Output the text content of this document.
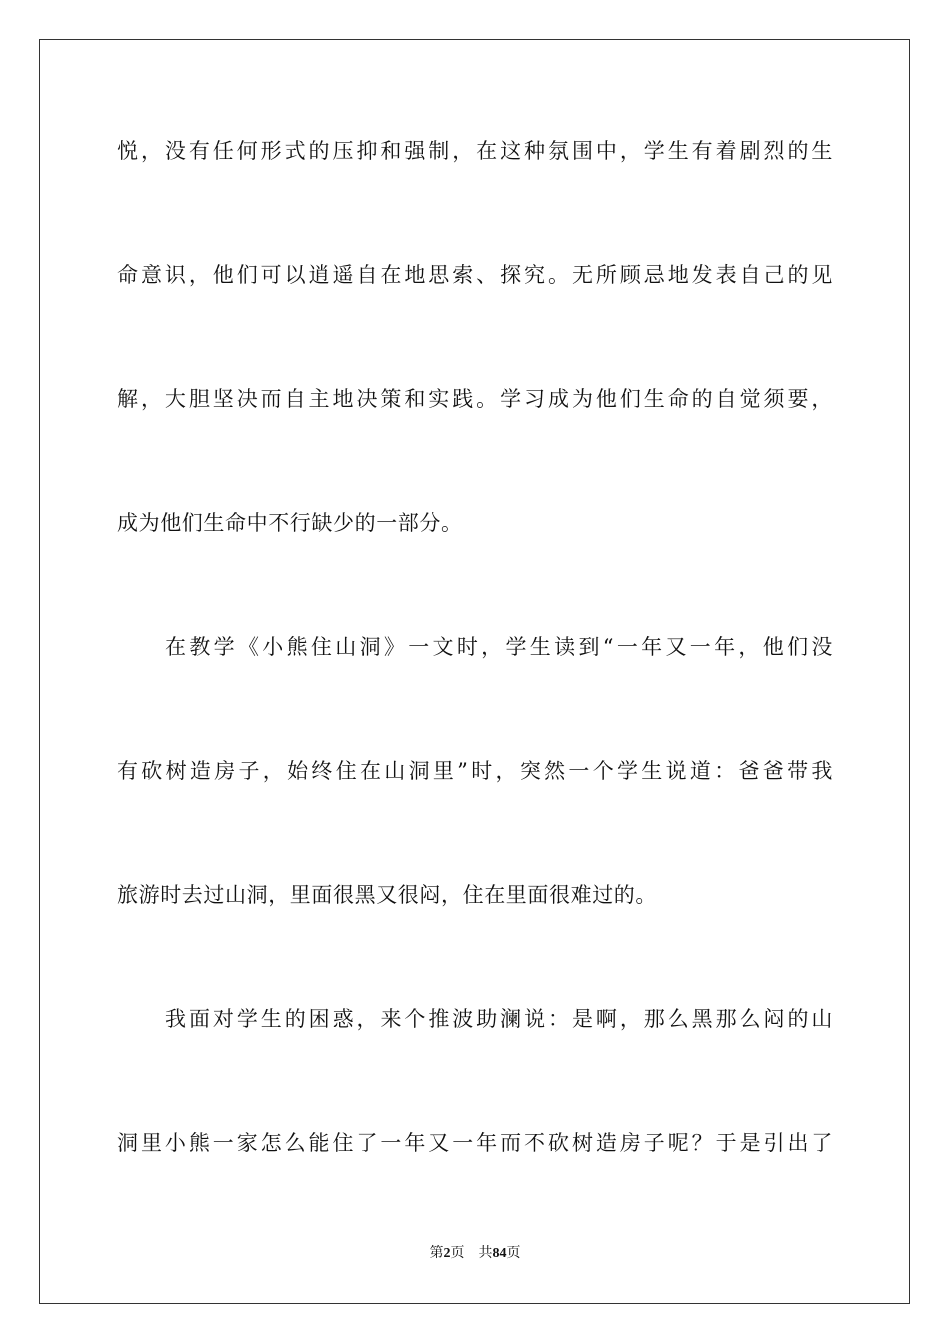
悦，没有任何形式的压抑和强制，在这种氛围中，学生有着剧烈的生
命意识，他们可以逍遥自在地思索、探究。无所顾忌地发表自己的见
解，大胆坚决而自主地决策和实践。学习成为他们生命的自觉须要，
成为他们生命中不行缺少的一部分。
在教学《小熊住山洞》一文时，学生读到“一年又一年，他们没
有砍树造房子，始终住在山洞里”时，突然一个学生说道：爸爸带我
旅游时去过山洞，里面很黑又很闷，住在里面很难过的。
我面对学生的困惑，来个推波助澜说：是啊，那么黑那么闷的山
洞里小熊一家怎么能住了一年又一年而不砍树造房子呢？于是引出了
第2页 共84页
